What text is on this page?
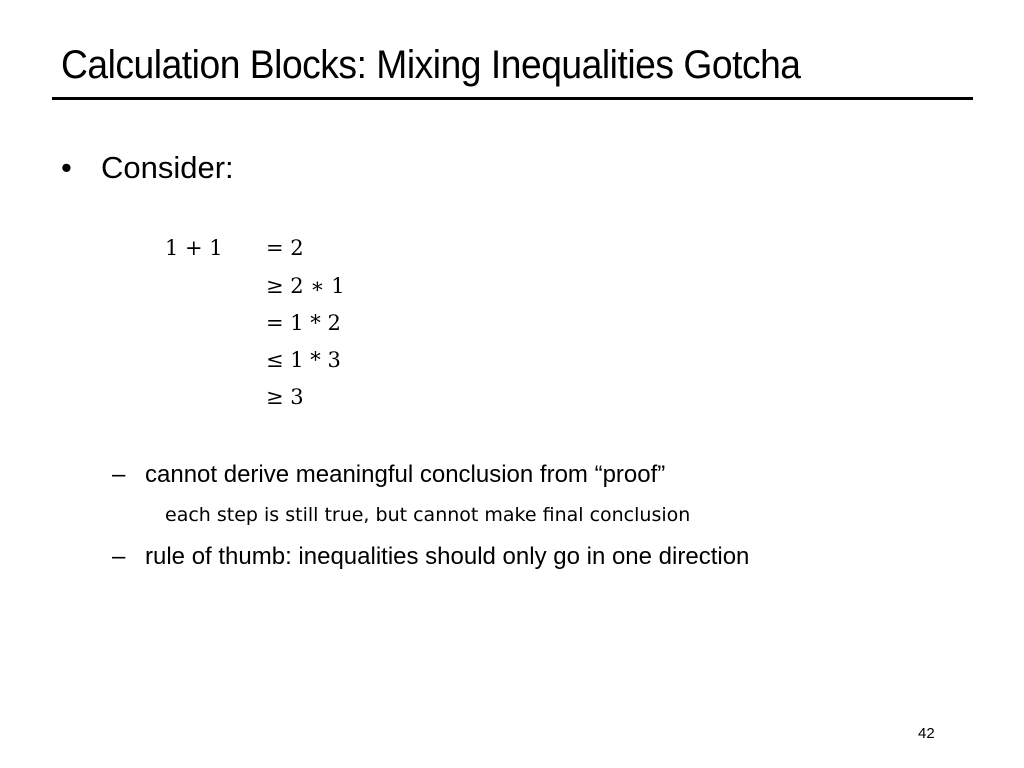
Calculation Blocks: Mixing Inequalities Gotcha
• Consider:
1 + 1 = 2
≥ 2 ∗ 1
= 1 * 2
≤ 1 * 3
≥ 3
– cannot derive meaningful conclusion from “proof”
each step is still true, but cannot make final conclusion
– rule of thumb: inequalities should only go in one direction
42
